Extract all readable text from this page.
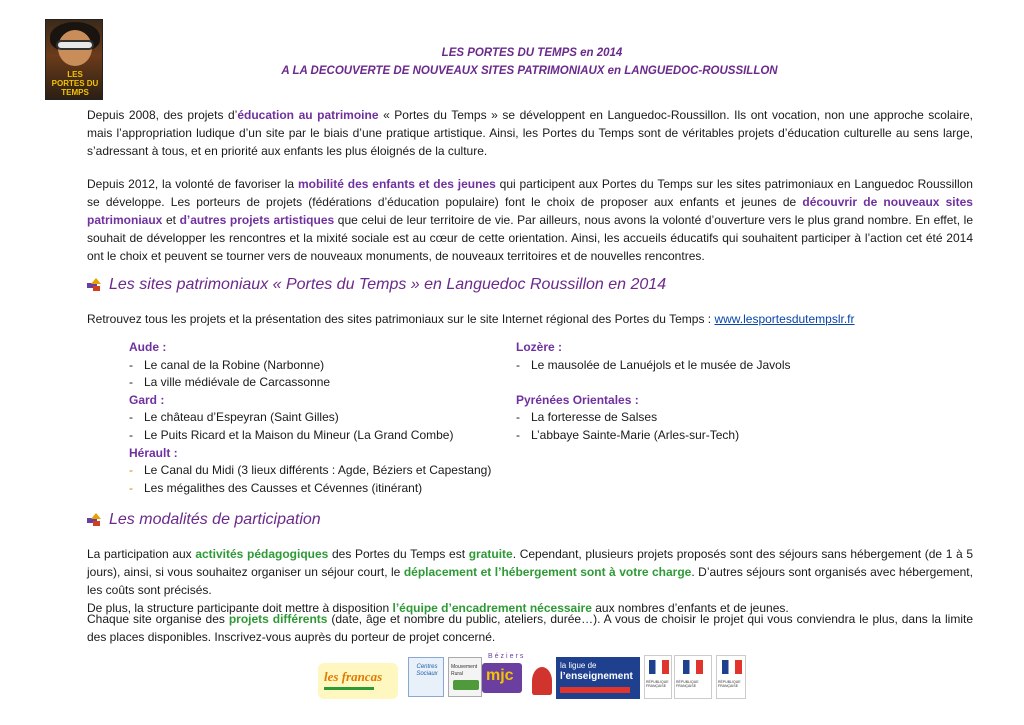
LES PORTES DU TEMPS
LES PORTES DU TEMPS en 2014
A LA DECOUVERTE DE NOUVEAUX SITES PATRIMONIAUX en LANGUEDOC-ROUSSILLON
Depuis 2008, des projets d’éducation au patrimoine « Portes du Temps » se développent en Languedoc-Roussillon. Ils ont vocation, non une approche scolaire, mais l’appropriation ludique d’un site par le biais d’une pratique artistique. Ainsi, les Portes du Temps sont de véritables projets d’éducation culturelle au sens large, s’adressant à tous, et en priorité aux enfants les plus éloignés de la culture.
Depuis 2012, la volonté de favoriser la mobilité des enfants et des jeunes qui participent aux Portes du Temps sur les sites patrimoniaux en Languedoc Roussillon se développe. Les porteurs de projets (fédérations d’éducation populaire) font le choix de proposer aux enfants et jeunes de découvrir de nouveaux sites patrimoniaux et d’autres projets artistiques que celui de leur territoire de vie. Par ailleurs, nous avons la volonté d’ouverture vers le plus grand nombre. En effet, le souhait de développer les rencontres et la mixité sociale est au cœur de cette orientation. Ainsi, les accueils éducatifs qui souhaitent participer à l’action cet été 2014 ont le choix et peuvent se tourner vers de nouveaux monuments, de nouveaux territoires et de nouvelles rencontres.
Les sites patrimoniaux « Portes du Temps » en Languedoc Roussillon en 2014
Retrouvez tous les projets et la présentation des sites patrimoniaux sur le site Internet régional des Portes du Temps : www.lesportesdutempslr.fr
Aude :
- Le canal de la Robine (Narbonne)
- La ville médiévale de Carcassonne
Gard :
- Le château d’Espeyran (Saint Gilles)
- Le Puits Ricard et la Maison du Mineur (La Grand Combe)
Hérault :
- Le Canal du Midi (3 lieux différents : Agde, Béziers et Capestang)
- Les mégalithes des Causses et Cévennes (itinérant)
Lozère :
- Le mausolée de Lanuéjols et le musée de Javols
Pyrénées Orientales :
- La forteresse de Salses
- L’abbaye Sainte-Marie (Arles-sur-Tech)
Les modalités de participation
La participation aux activités pédagogiques des Portes du Temps est gratuite. Cependant, plusieurs projets proposés sont des séjours sans hébergement (de 1 à 5 jours), ainsi, si vous souhaitez organiser un séjour court, le déplacement et l’hébergement sont à votre charge. D’autres séjours sont organisés avec hébergement, les coûts sont précisés.
De plus, la structure participante doit mettre à disposition l’équipe d’encadrement nécessaire aux nombres d’enfants et de jeunes.
Chaque site organise des projets différents (date, âge et nombre du public, ateliers, durée…). A vous de choisir le projet qui vous conviendra le plus, dans la limite des places disponibles. Inscrivez-vous auprès du porteur de projet concerné.
les francas
Centres Sociaux
Mouvement Rural
Béziers
mjc
la ligue de
l’enseignement	RÉPUBLIQUE FRANÇAISE
RÉPUBLIQUE FRANÇAISE
RÉPUBLIQUE FRANÇAISE
